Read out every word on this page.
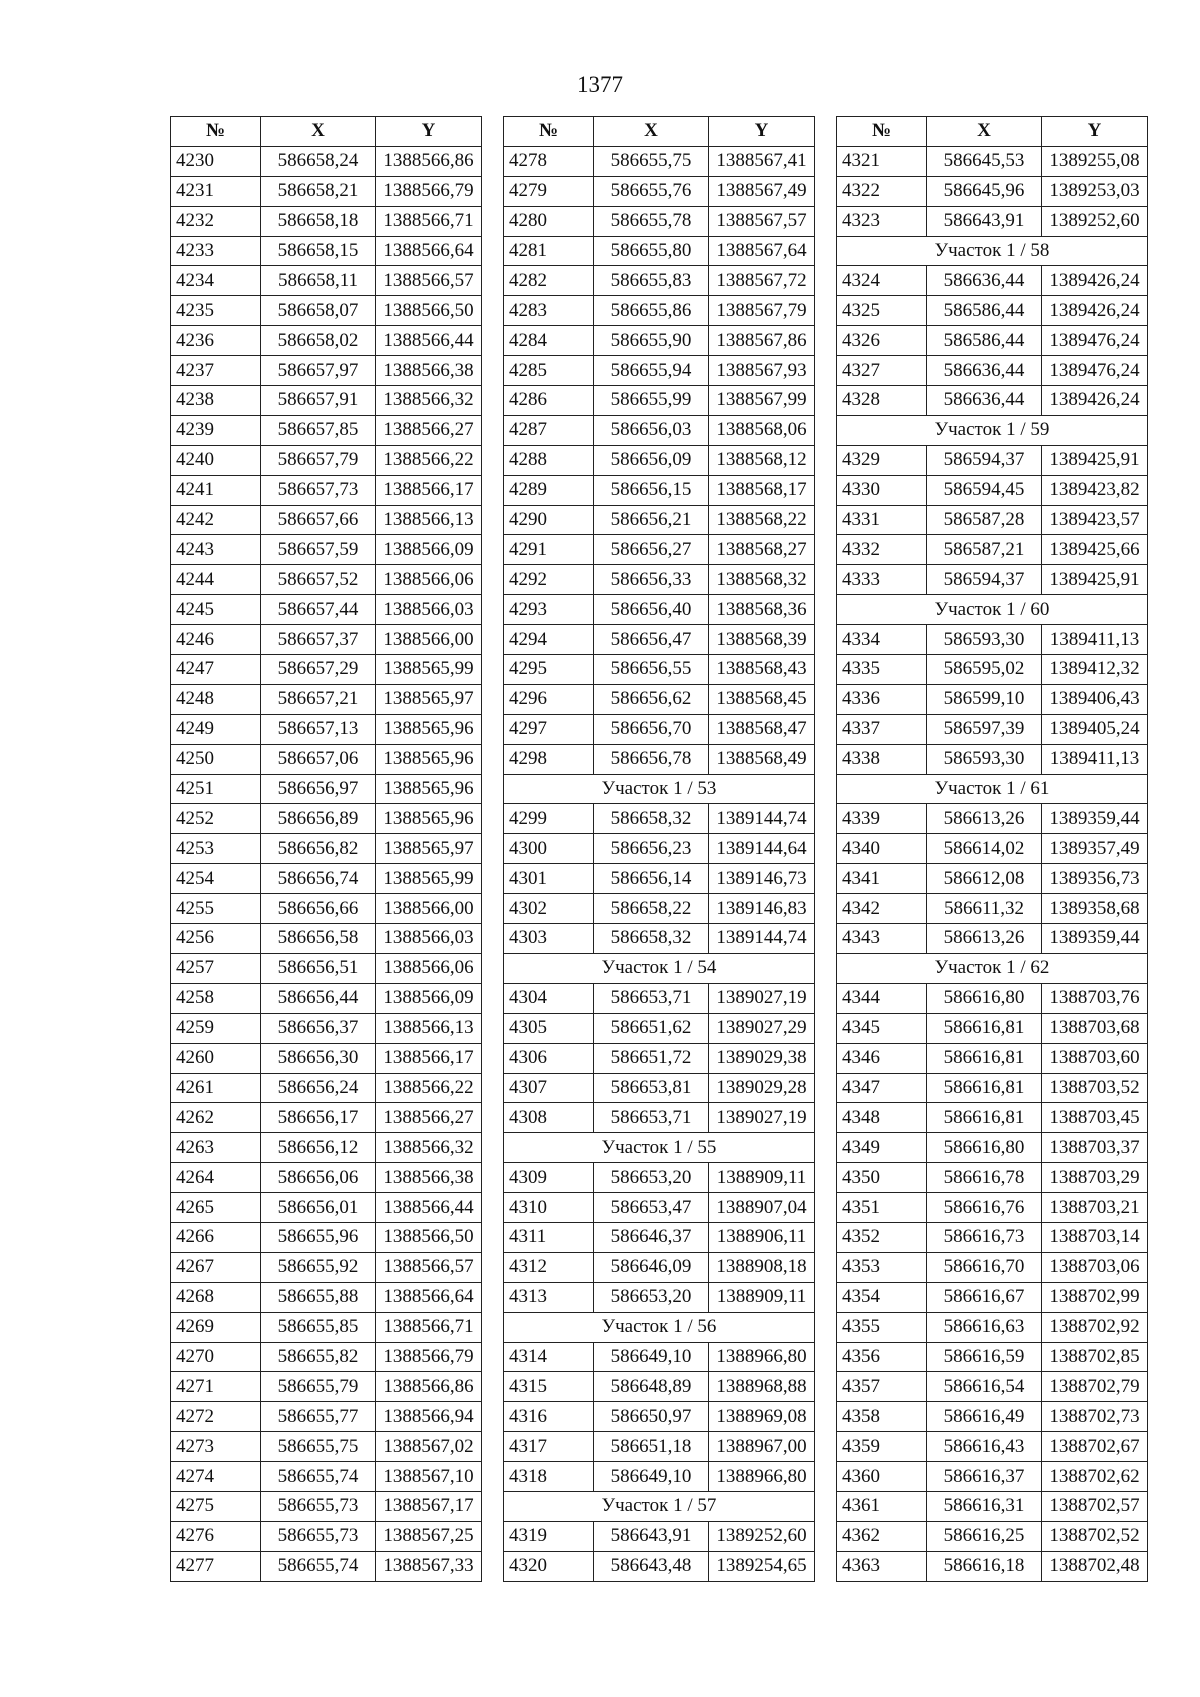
1377
№	X	Y
4230	586658,24	1388566,86
4231	586658,21	1388566,79
4232	586658,18	1388566,71
4233	586658,15	1388566,64
4234	586658,11	1388566,57
4235	586658,07	1388566,50
4236	586658,02	1388566,44
4237	586657,97	1388566,38
4238	586657,91	1388566,32
4239	586657,85	1388566,27
4240	586657,79	1388566,22
4241	586657,73	1388566,17
4242	586657,66	1388566,13
4243	586657,59	1388566,09
4244	586657,52	1388566,06
4245	586657,44	1388566,03
4246	586657,37	1388566,00
4247	586657,29	1388565,99
4248	586657,21	1388565,97
4249	586657,13	1388565,96
4250	586657,06	1388565,96
4251	586656,97	1388565,96
4252	586656,89	1388565,96
4253	586656,82	1388565,97
4254	586656,74	1388565,99
4255	586656,66	1388566,00
4256	586656,58	1388566,03
4257	586656,51	1388566,06
4258	586656,44	1388566,09
4259	586656,37	1388566,13
4260	586656,30	1388566,17
4261	586656,24	1388566,22
4262	586656,17	1388566,27
4263	586656,12	1388566,32
4264	586656,06	1388566,38
4265	586656,01	1388566,44
4266	586655,96	1388566,50
4267	586655,92	1388566,57
4268	586655,88	1388566,64
4269	586655,85	1388566,71
4270	586655,82	1388566,79
4271	586655,79	1388566,86
4272	586655,77	1388566,94
4273	586655,75	1388567,02
4274	586655,74	1388567,10
4275	586655,73	1388567,17
4276	586655,73	1388567,25
4277	586655,74	1388567,33
№	X	Y
4278	586655,75	1388567,41
4279	586655,76	1388567,49
4280	586655,78	1388567,57
4281	586655,80	1388567,64
4282	586655,83	1388567,72
4283	586655,86	1388567,79
4284	586655,90	1388567,86
4285	586655,94	1388567,93
4286	586655,99	1388567,99
4287	586656,03	1388568,06
4288	586656,09	1388568,12
4289	586656,15	1388568,17
4290	586656,21	1388568,22
4291	586656,27	1388568,27
4292	586656,33	1388568,32
4293	586656,40	1388568,36
4294	586656,47	1388568,39
4295	586656,55	1388568,43
4296	586656,62	1388568,45
4297	586656,70	1388568,47
4298	586656,78	1388568,49
Участок 1 / 53		
4299	586658,32	1389144,74
4300	586656,23	1389144,64
4301	586656,14	1389146,73
4302	586658,22	1389146,83
4303	586658,32	1389144,74
Участок 1 / 54		
4304	586653,71	1389027,19
4305	586651,62	1389027,29
4306	586651,72	1389029,38
4307	586653,81	1389029,28
4308	586653,71	1389027,19
Участок 1 / 55		
4309	586653,20	1388909,11
4310	586653,47	1388907,04
4311	586646,37	1388906,11
4312	586646,09	1388908,18
4313	586653,20	1388909,11
Участок 1 / 56		
4314	586649,10	1388966,80
4315	586648,89	1388968,88
4316	586650,97	1388969,08
4317	586651,18	1388967,00
4318	586649,10	1388966,80
Участок 1 / 57		
4319	586643,91	1389252,60
4320	586643,48	1389254,65
№	X	Y
4321	586645,53	1389255,08
4322	586645,96	1389253,03
4323	586643,91	1389252,60
Участок 1 / 58		
4324	586636,44	1389426,24
4325	586586,44	1389426,24
4326	586586,44	1389476,24
4327	586636,44	1389476,24
4328	586636,44	1389426,24
Участок 1 / 59		
4329	586594,37	1389425,91
4330	586594,45	1389423,82
4331	586587,28	1389423,57
4332	586587,21	1389425,66
4333	586594,37	1389425,91
Участок 1 / 60		
4334	586593,30	1389411,13
4335	586595,02	1389412,32
4336	586599,10	1389406,43
4337	586597,39	1389405,24
4338	586593,30	1389411,13
Участок 1 / 61		
4339	586613,26	1389359,44
4340	586614,02	1389357,49
4341	586612,08	1389356,73
4342	586611,32	1389358,68
4343	586613,26	1389359,44
Участок 1 / 62		
4344	586616,80	1388703,76
4345	586616,81	1388703,68
4346	586616,81	1388703,60
4347	586616,81	1388703,52
4348	586616,81	1388703,45
4349	586616,80	1388703,37
4350	586616,78	1388703,29
4351	586616,76	1388703,21
4352	586616,73	1388703,14
4353	586616,70	1388703,06
4354	586616,67	1388702,99
4355	586616,63	1388702,92
4356	586616,59	1388702,85
4357	586616,54	1388702,79
4358	586616,49	1388702,73
4359	586616,43	1388702,67
4360	586616,37	1388702,62
4361	586616,31	1388702,57
4362	586616,25	1388702,52
4363	586616,18	1388702,48
